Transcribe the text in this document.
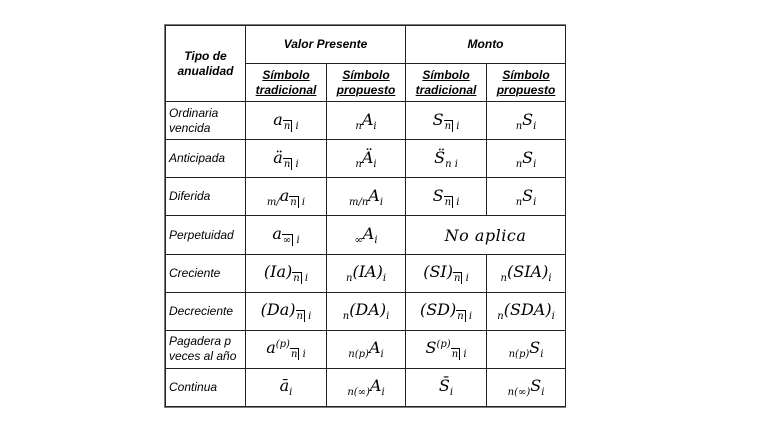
Tipo de anualidad	Valor Presente		Monto	
	Símbolo tradicional	Símbolo propuesto	Símbolo tradicional	Símbolo propuesto
Ordinaria vencida	$a_{n i}$	$_nA_i$	$S_{n i}$	$_nS_i$
Anticipada	$ä_{n i}$	$_nÄ_i$	$S̈_{n i}$	$_nS_i$
Diferida	$_{m/}a_{n i}$	$_{m/n}A_i$	$S_{n i}$	$_nS_i$
Perpetuidad	$a_{\infty i}$	$_\infty A_i$	No aplica	
Creciente	$(Ia)_{n i}$	$_n(IA)_i$	$(SI)_{n i}$	$_n(SIA)_i$
Decreciente	$(Da)_{n i}$	$_n(DA)_i$	$(SD)_{n i}$	$_n(SDA)_i$
Pagadera p veces al año	$a^{(p)}_{n i}$	$_{n(p)}A_i$	$S^{(p)}_{n i}$	$_{n(p)}S_i$
Continua	$ā_i$	$_{n(\infty)}A_i$	$S̄_i$	$_{n(\infty)}S_i$
